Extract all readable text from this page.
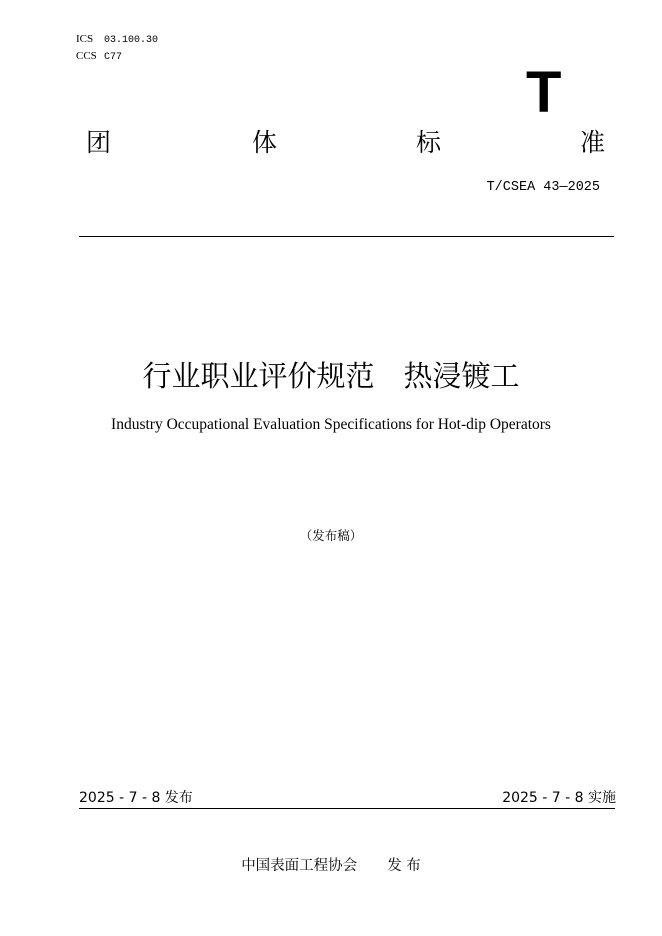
ICS 03.100.30
CCS C77
T
团	体	标	准
T/CSEA 43—2025
行业职业评价规范　热浸镀工
Industry Occupational Evaluation Specifications for Hot-dip Operators
（发布稿）
2025 - 7 - 8 发布	2025 - 7 - 8 实施
中国表面工程协会 发 布
